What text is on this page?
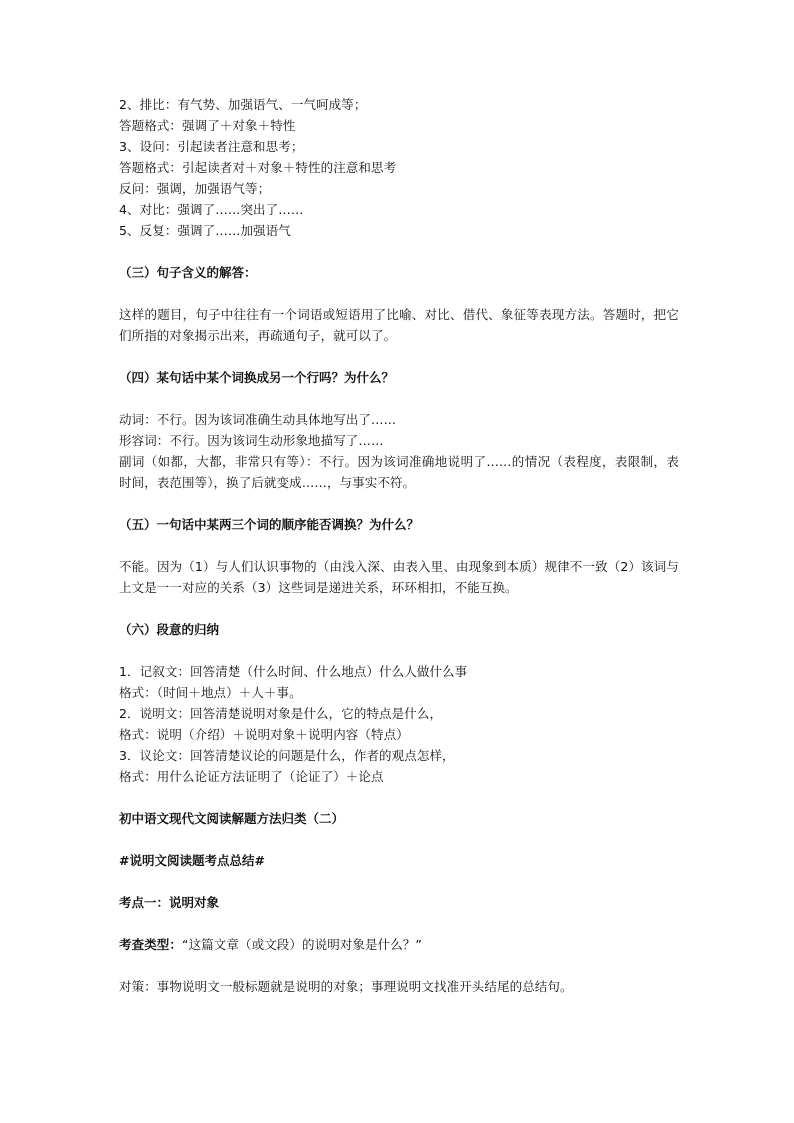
2、排比：有气势、加强语气、一气呵成等；
答题格式：强调了＋对象＋特性
3、设问：引起读者注意和思考；
答题格式：引起读者对＋对象＋特性的注意和思考
反问：强调，加强语气等；
4、对比：强调了……突出了……
5、反复：强调了……加强语气
（三）句子含义的解答：
这样的题目，句子中往往有一个词语或短语用了比喻、对比、借代、象征等表现方法。答题时，把它们所指的对象揭示出来，再疏通句子，就可以了。
（四）某句话中某个词换成另一个行吗？为什么？
动词：不行。因为该词准确生动具体地写出了……
形容词：不行。因为该词生动形象地描写了……
副词（如都，大都，非常只有等）：不行。因为该词准确地说明了……的情况（表程度，表限制，表时间，表范围等），换了后就变成……，与事实不符。
（五）一句话中某两三个词的顺序能否调换？为什么？
不能。因为（1）与人们认识事物的（由浅入深、由表入里、由现象到本质）规律不一致（2）该词与上文是一一对应的关系（3）这些词是递进关系，环环相扣，不能互换。
（六）段意的归纳
1．记叙文：回答清楚（什么时间、什么地点）什么人做什么事
格式：（时间＋地点）＋人＋事。
2．说明文：回答清楚说明对象是什么，它的特点是什么，
格式：说明（介绍）＋说明对象＋说明内容（特点）
3．议论文：回答清楚议论的问题是什么，作者的观点怎样，
格式：用什么论证方法证明了（论证了）＋论点
初中语文现代文阅读解题方法归类（二）
#说明文阅读题考点总结#
考点一：说明对象
考查类型：“这篇文章（或文段）的说明对象是什么？”
对策：事物说明文一般标题就是说明的对象；事理说明文找准开头结尾的总结句。
